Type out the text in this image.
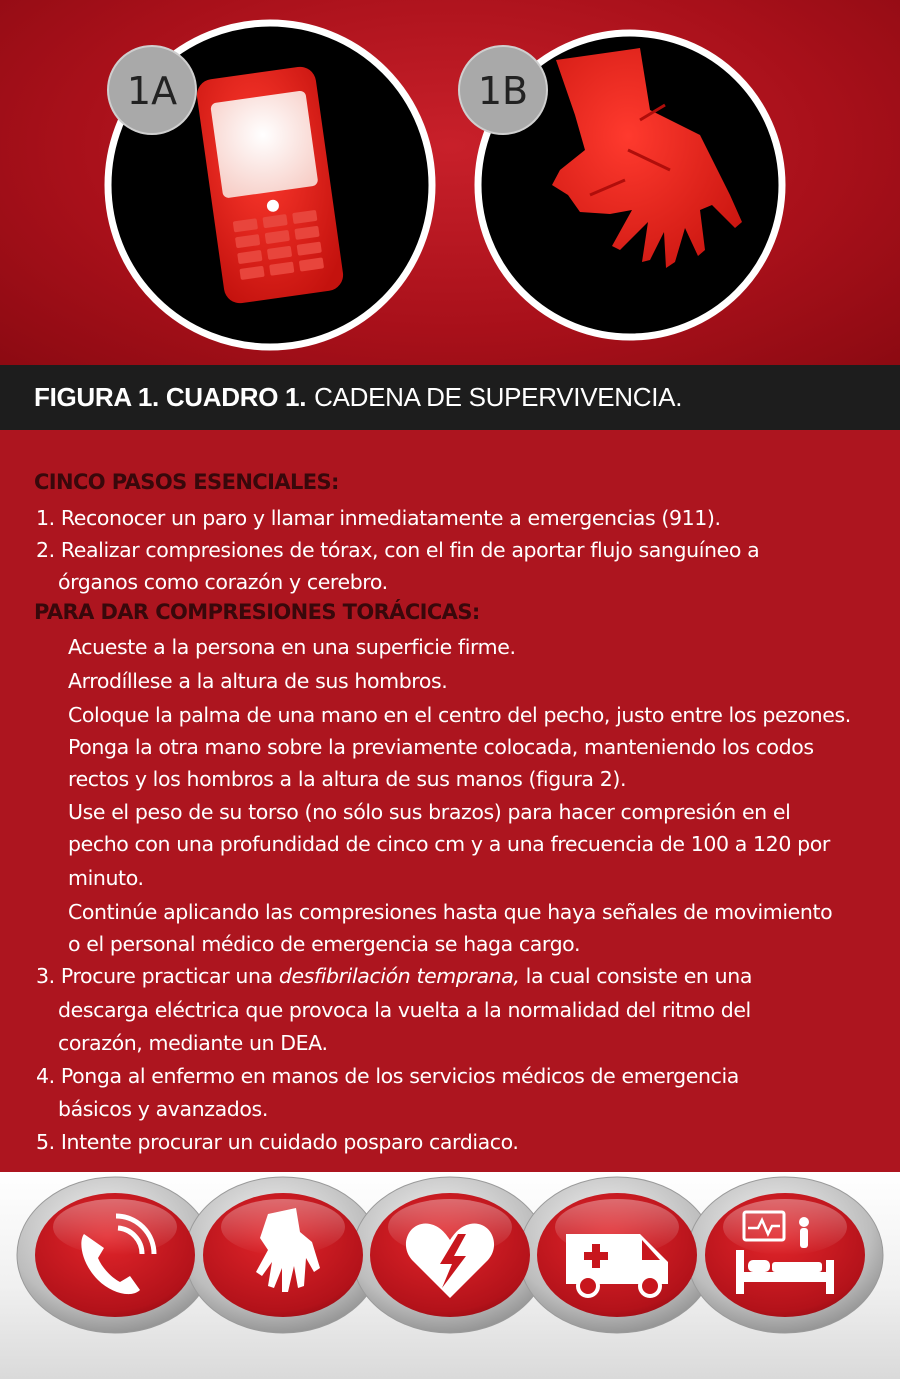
1A	1B
FIGURA 1. CUADRO 1. CADENA DE SUPERVIVENCIA.
CINCO PASOS ESENCIALES:
1. Reconocer un paro y llamar inmediatamente a emergencias (911).
2. Realizar compresiones de tórax, con el fin de aportar flujo sanguíneo a
órganos como corazón y cerebro.
PARA DAR COMPRESIONES TORÁCICAS:
Acueste a la persona en una superficie firme.
Arrodíllese a la altura de sus hombros.
Coloque la palma de una mano en el centro del pecho, justo entre los pezones.
Ponga la otra mano sobre la previamente colocada, manteniendo los codos
rectos y los hombros a la altura de sus manos (figura 2).
Use el peso de su torso (no sólo sus brazos) para hacer compresión en el
pecho con una profundidad de cinco cm y a una frecuencia de 100 a 120 por
minuto.
Continúe aplicando las compresiones hasta que haya señales de movimiento
o el personal médico de emergencia se haga cargo.
3. Procure practicar una desfibrilación temprana, la cual consiste en una
descarga eléctrica que provoca la vuelta a la normalidad del ritmo del
corazón, mediante un DEA.
4. Ponga al enfermo en manos de los servicios médicos de emergencia
básicos y avanzados.
5. Intente procurar un cuidado posparo cardiaco.
